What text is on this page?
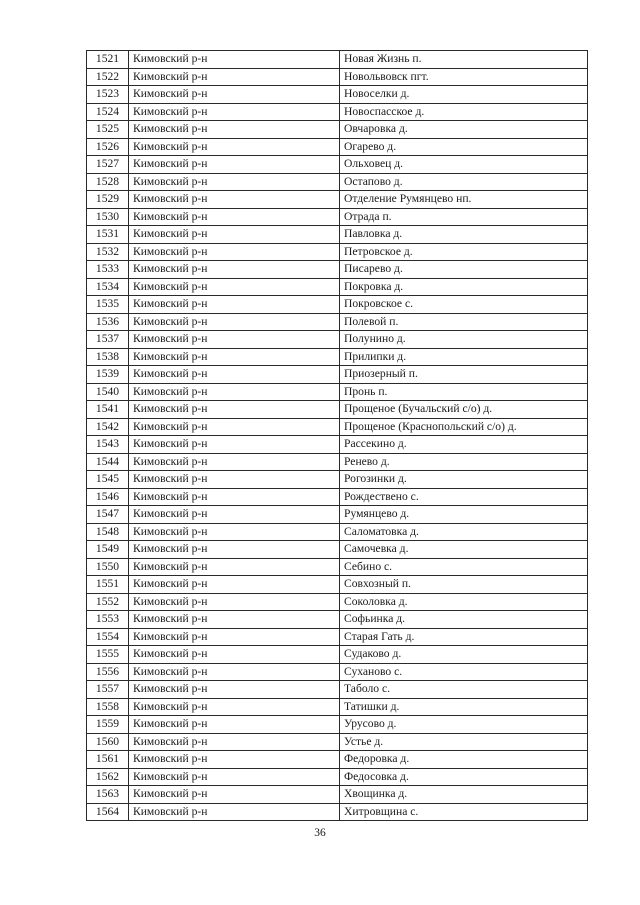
1521	Кимовский р-н	Новая Жизнь п.
1522	Кимовский р-н	Новольвовск пгт.
1523	Кимовский р-н	Новоселки д.
1524	Кимовский р-н	Новоспасское д.
1525	Кимовский р-н	Овчаровка д.
1526	Кимовский р-н	Огарево д.
1527	Кимовский р-н	Ольховец д.
1528	Кимовский р-н	Остапово д.
1529	Кимовский р-н	Отделение Румянцево нп.
1530	Кимовский р-н	Отрада п.
1531	Кимовский р-н	Павловка д.
1532	Кимовский р-н	Петровское д.
1533	Кимовский р-н	Писарево д.
1534	Кимовский р-н	Покровка д.
1535	Кимовский р-н	Покровское с.
1536	Кимовский р-н	Полевой п.
1537	Кимовский р-н	Полунино д.
1538	Кимовский р-н	Прилипки д.
1539	Кимовский р-н	Приозерный п.
1540	Кимовский р-н	Пронь п.
1541	Кимовский р-н	Прощеное (Бучальский с/о) д.
1542	Кимовский р-н	Прощеное (Краснопольский с/о) д.
1543	Кимовский р-н	Рассекино д.
1544	Кимовский р-н	Ренево д.
1545	Кимовский р-н	Рогозинки д.
1546	Кимовский р-н	Рождествено с.
1547	Кимовский р-н	Румянцево д.
1548	Кимовский р-н	Саломатовка д.
1549	Кимовский р-н	Самочевка д.
1550	Кимовский р-н	Себино с.
1551	Кимовский р-н	Совхозный п.
1552	Кимовский р-н	Соколовка д.
1553	Кимовский р-н	Софьинка д.
1554	Кимовский р-н	Старая Гать д.
1555	Кимовский р-н	Судаково д.
1556	Кимовский р-н	Суханово с.
1557	Кимовский р-н	Таболо с.
1558	Кимовский р-н	Татишки д.
1559	Кимовский р-н	Урусово д.
1560	Кимовский р-н	Устье д.
1561	Кимовский р-н	Федоровка д.
1562	Кимовский р-н	Федосовка д.
1563	Кимовский р-н	Хвощинка д.
1564	Кимовский р-н	Хитровщина с.
36
